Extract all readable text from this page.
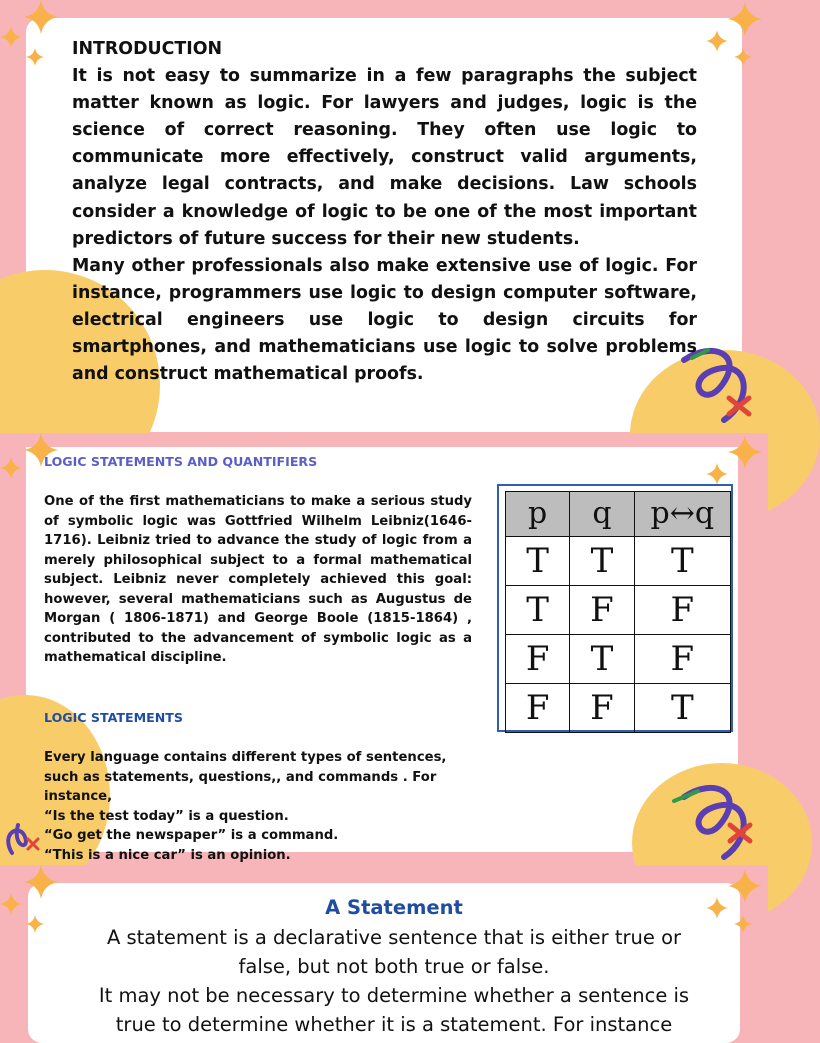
INTRODUCTION

It is not easy to summarize in a few paragraphs the subject matter known as logic. For lawyers and judges, logic is the science of correct reasoning. They often use logic to communicate more effectively, construct valid arguments, analyze legal contracts, and make decisions. Law schools consider a knowledge of logic to be one of the most important predictors of future success for their new students.

Many other professionals also make extensive use of logic. For instance, programmers use logic to design computer software, electrical engineers use logic to design circuits for smartphones, and mathematicians use logic to solve problems and construct mathematical proofs.

LOGIC STATEMENTS AND QUANTIFIERS
One of the first mathematicians to make a serious study of symbolic logic was Gottfried Wilhelm Leibniz(1646-1716). Leibniz tried to advance the study of logic from a merely philosophical subject to a formal mathematical subject. Leibniz never completely achieved this goal: however, several mathematicians such as Augustus de Morgan ( 1806-1871) and George Boole (1815-1864) , contributed to the advancement of symbolic logic as a mathematical discipline.
LOGIC STATEMENTS

Every language contains different types of sentences, such as statements, questions,, and commands . For instance,

“Is the test today” is a question.

“Go get the newspaper” is a command.

“This is a nice car” is an opinion.

p	q	p↔q
T	T	T
T	F	F
F	T	F
F	F	T
A Statement

A statement is a declarative sentence that is either true or false, but not both true or false.

It may not be necessary to determine whether a sentence is true to determine whether it is a statement. For instance
